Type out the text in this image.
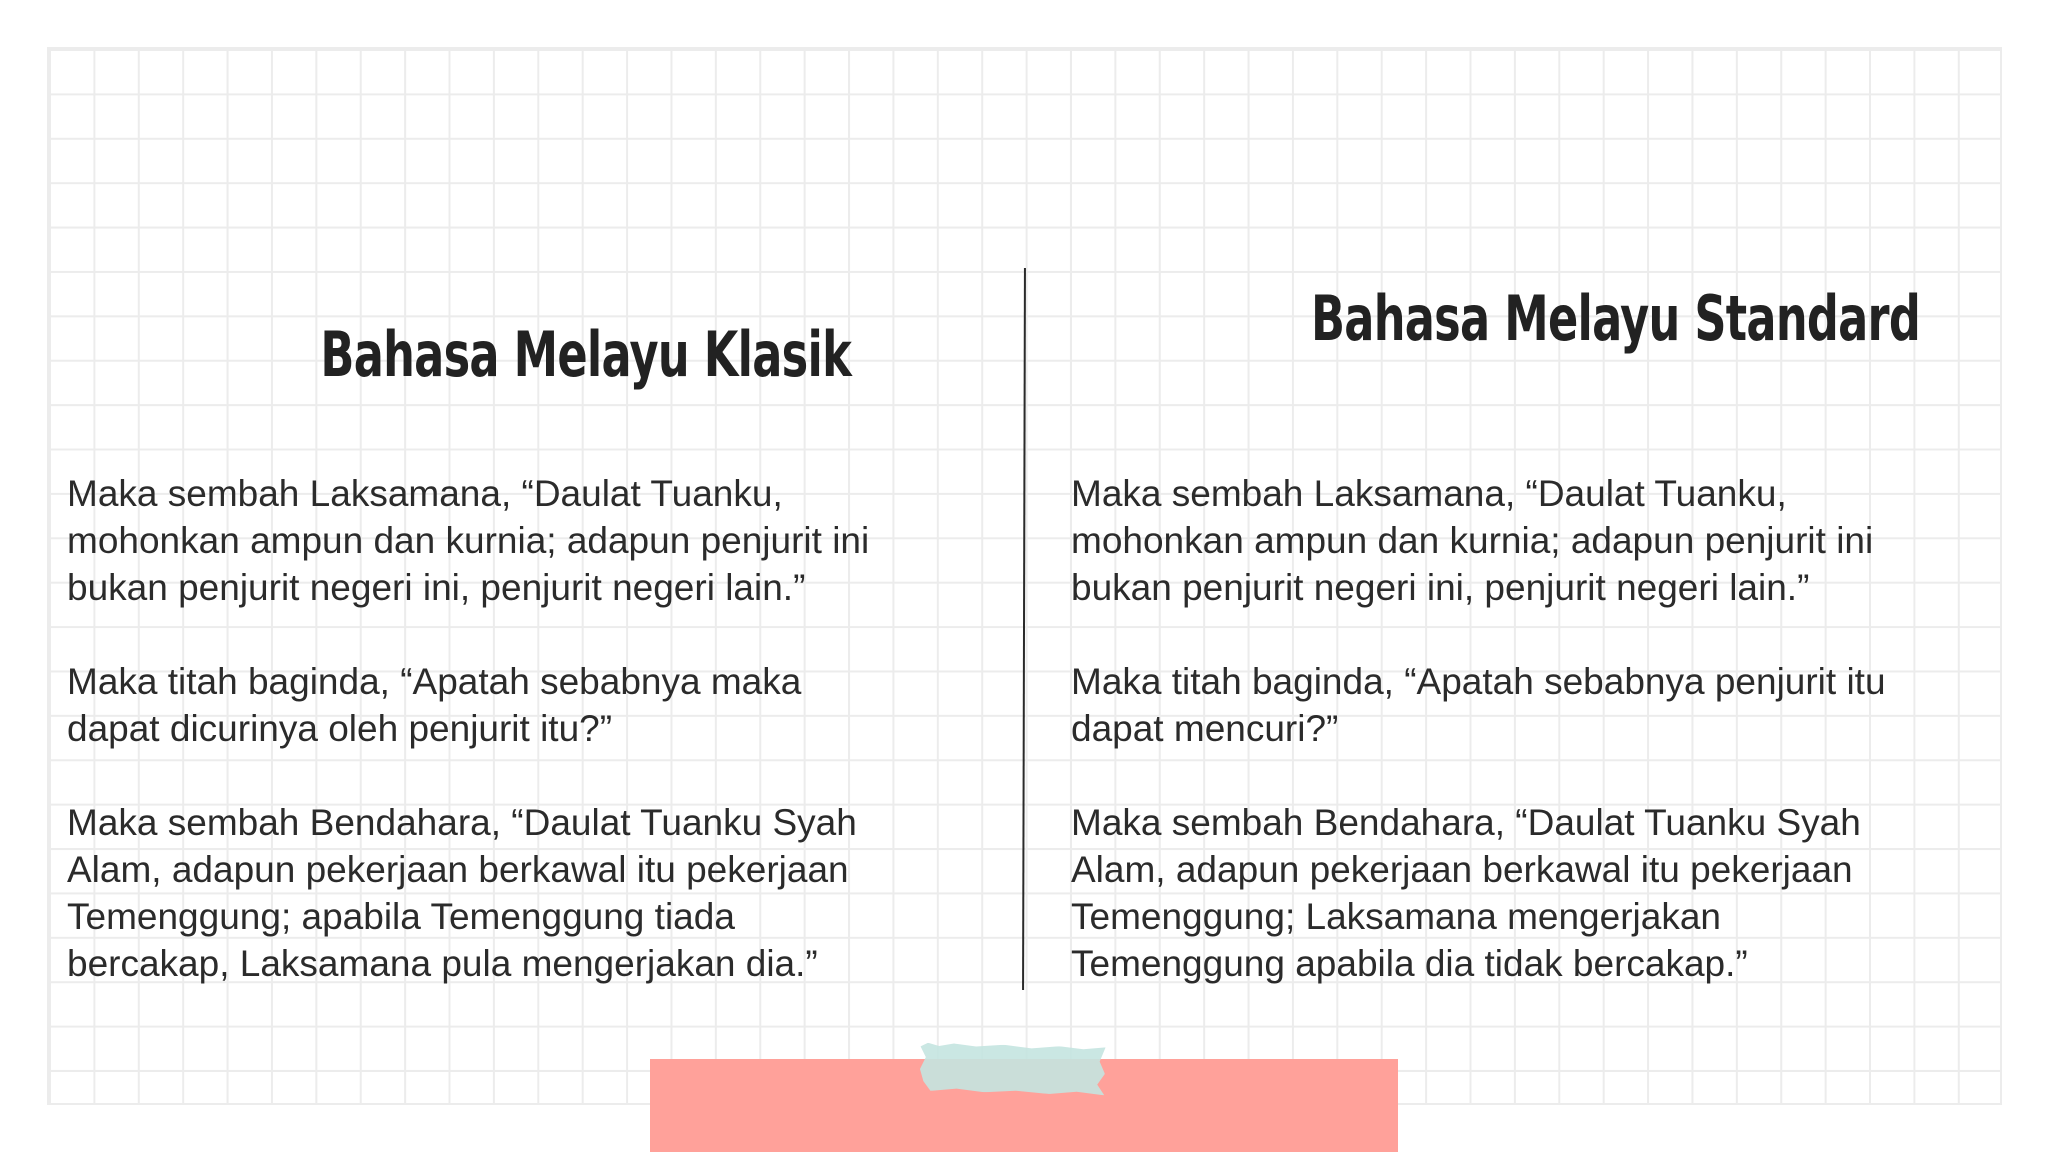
Bahasa Melayu Klasik	Bahasa Melayu Standard

Maka sembah Laksamana, “Daulat Tuanku,
mohonkan ampun dan kurnia; adapun penjurit ini
bukan penjurit negeri ini, penjurit negeri lain.”

Maka titah baginda, “Apatah sebabnya maka
dapat dicurinya oleh penjurit itu?”

Maka sembah Bendahara, “Daulat Tuanku Syah
Alam, adapun pekerjaan berkawal itu pekerjaan
Temenggung; apabila Temenggung tiada
bercakap, Laksamana pula mengerjakan dia.”

Maka sembah Laksamana, “Daulat Tuanku,
mohonkan ampun dan kurnia; adapun penjurit ini
bukan penjurit negeri ini, penjurit negeri lain.”

Maka titah baginda, “Apatah sebabnya penjurit itu
dapat mencuri?”

Maka sembah Bendahara, “Daulat Tuanku Syah
Alam, adapun pekerjaan berkawal itu pekerjaan
Temenggung; Laksamana mengerjakan
Temenggung apabila dia tidak bercakap.”
